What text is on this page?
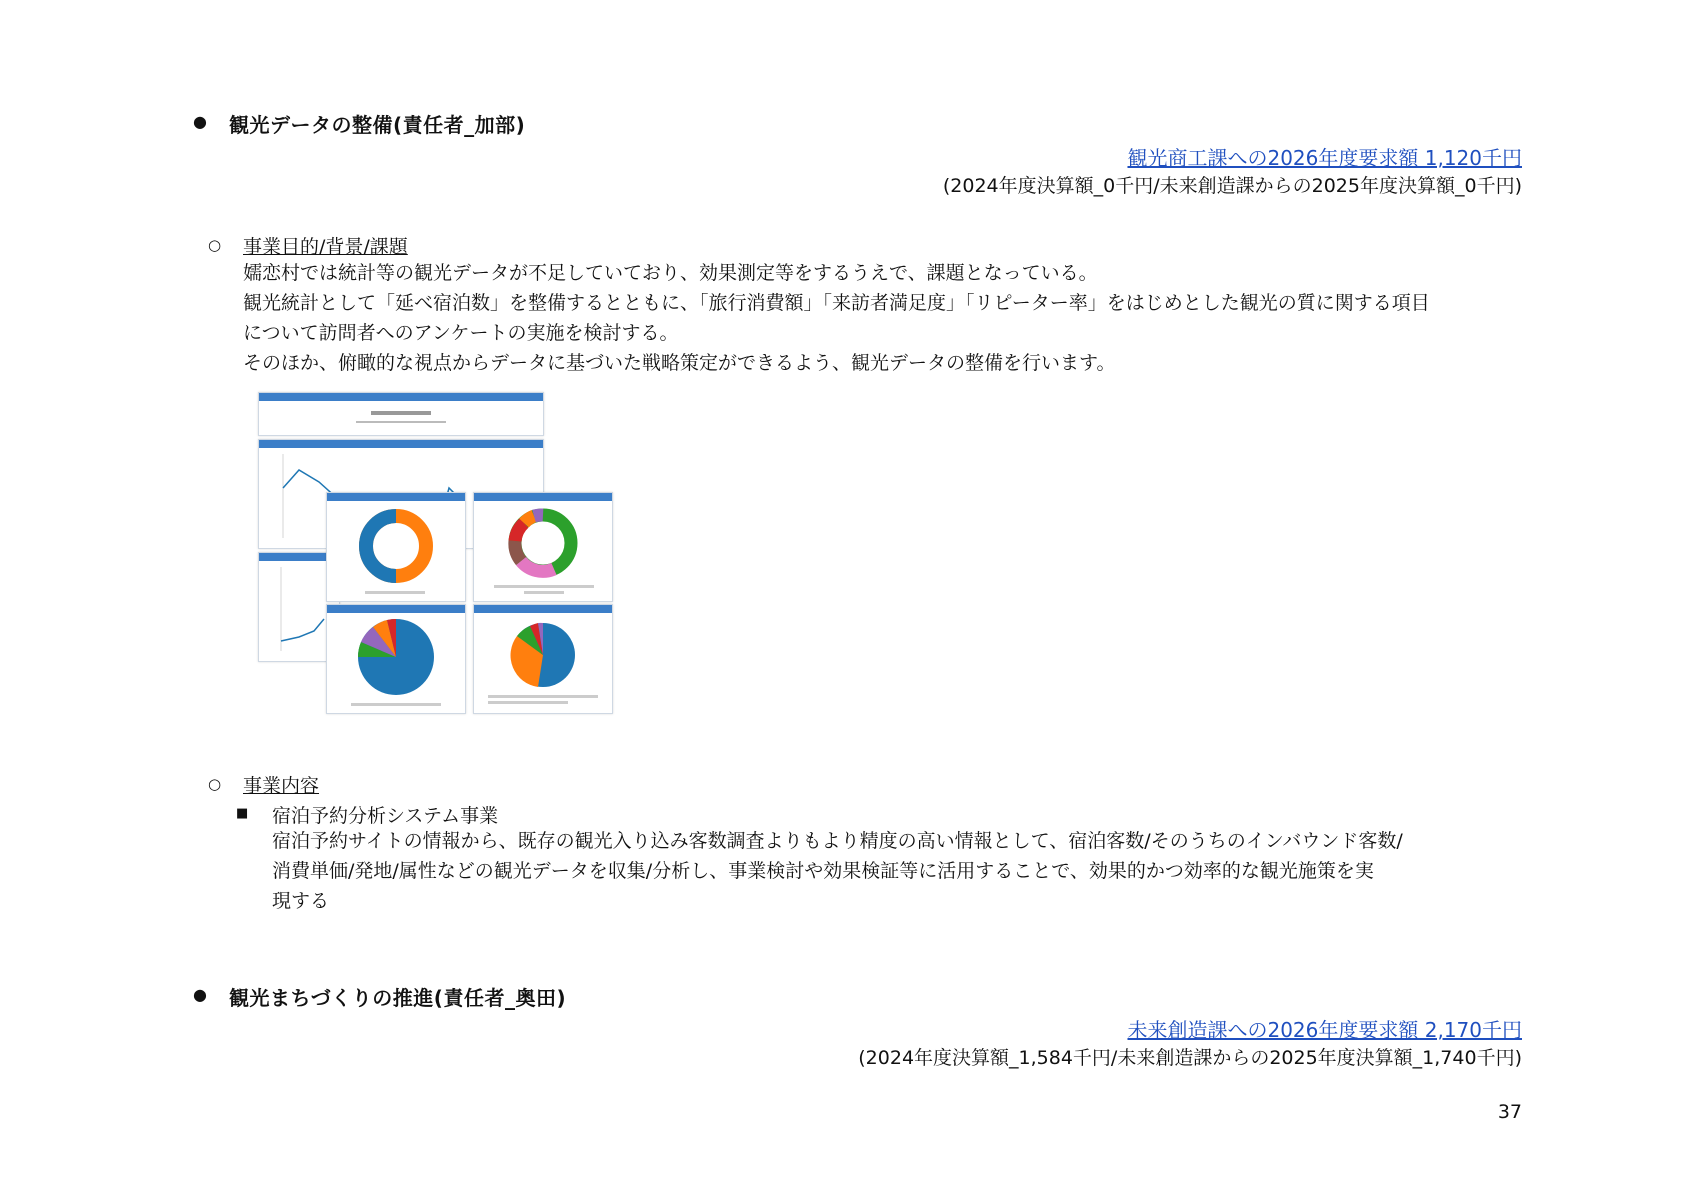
● 観光データの整備(責任者_加部)
観光商工課への2026年度要求額 1,120千円
(2024年度決算額_0千円/未来創造課からの2025年度決算額_0千円)
○ 事業目的/背景/課題
嬬恋村では統計等の観光データが不足していており、効果測定等をするうえで、課題となっている。
観光統計として「延べ宿泊数」を整備するとともに、「旅行消費額」「来訪者満足度」「リピーター率」をはじめとした観光の質に関する項目
について訪問者へのアンケートの実施を検討する。
そのほか、俯瞰的な視点からデータに基づいた戦略策定ができるよう、観光データの整備を行います。
○ 事業内容
■ 宿泊予約分析システム事業
宿泊予約サイトの情報から、既存の観光入り込み客数調査よりもより精度の高い情報として、宿泊客数/そのうちのインバウンド客数/
消費単価/発地/属性などの観光データを収集/分析し、事業検討や効果検証等に活用することで、効果的かつ効率的な観光施策を実
現する
● 観光まちづくりの推進(責任者_奥田)
未来創造課への2026年度要求額 2,170千円
(2024年度決算額_1,584千円/未来創造課からの2025年度決算額_1,740千円)
37
